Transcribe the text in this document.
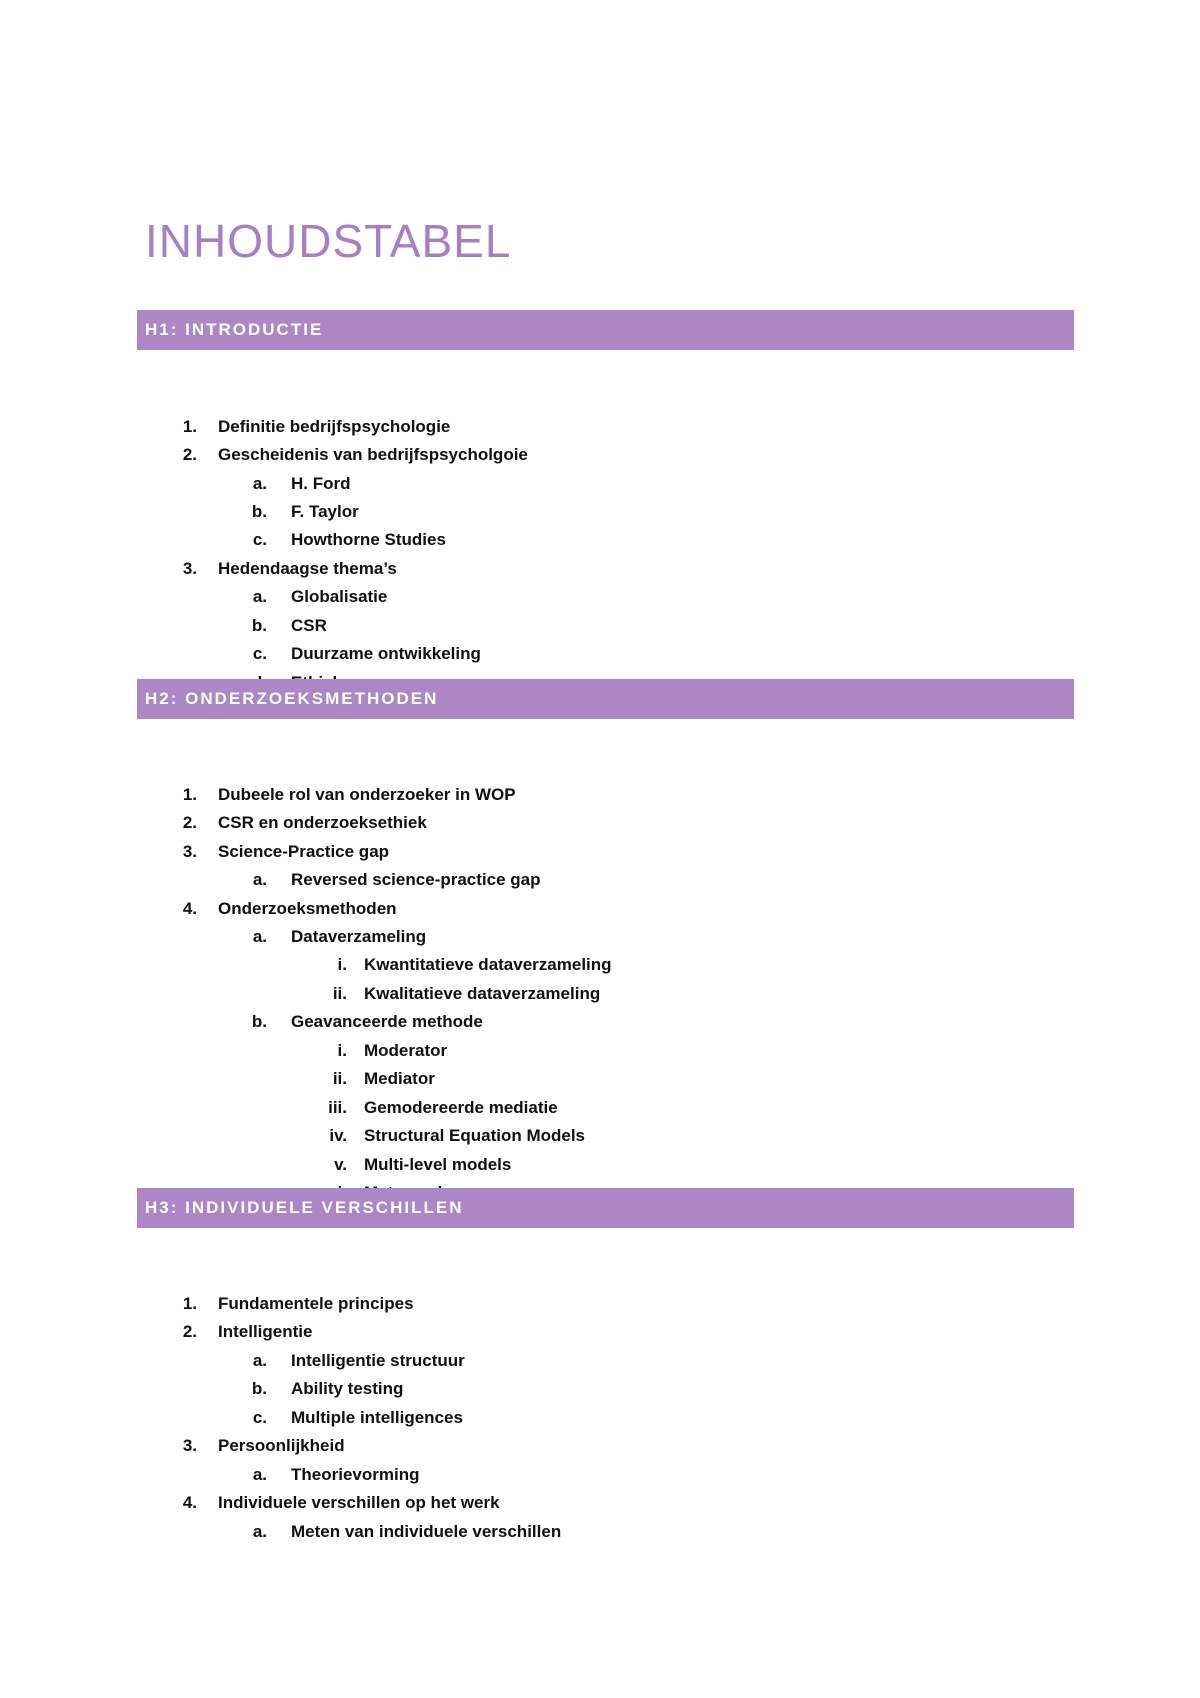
INHOUDSTABEL
H1: INTRODUCTIE
1. Definitie bedrijfspsychologie
2. Gescheidenis van bedrijfspsycholgoie
a. H. Ford
b. F. Taylor
c. Howthorne Studies
3. Hedendaagse thema’s
a. Globalisatie
b. CSR
c. Duurzame ontwikkeling
H2: ONDERZOEKSMETHODEN
1. Dubeele rol van onderzoeker in WOP
2. CSR en onderzoeksethiek
3. Science-Practice gap
a. Reversed science-practice gap
4. Onderzoeksmethoden
a. Dataverzameling
i. Kwantitatieve dataverzameling
ii. Kwalitatieve dataverzameling
b. Geavanceerde methode
i. Moderator
ii. Mediator
iii. Gemodereerde mediatie
iv. Structural Equation Models
v. Multi-level models
H3: INDIVIDUELE VERSCHILLEN
1. Fundamentele principes
2. Intelligentie
a. Intelligentie structuur
b. Ability testing
c. Multiple intelligences
3. Persoonlijkheid
a. Theorievorming
4. Individuele verschillen op het werk
a. Meten van individuele verschillen
